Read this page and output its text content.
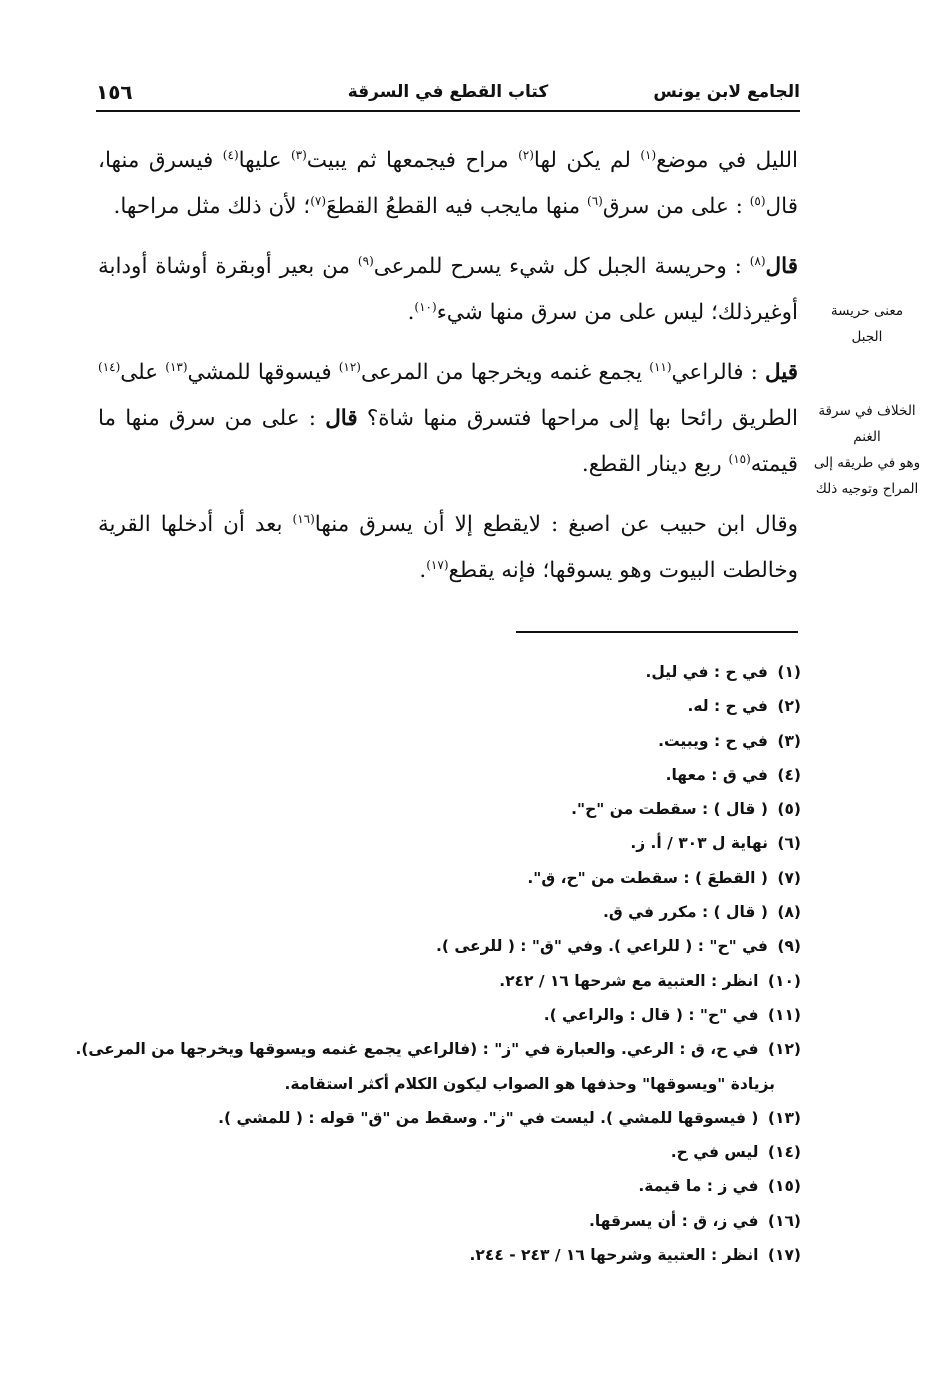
الجامع لابن يونس
كتاب القطع في السرقة
١٥٦
معنى حريسة
الجبل
الخلاف في سرقة الغنم
وهو في طريقه إلى
المراح وتوجيه ذلك

الليل في موضع$^{(١)}$ لم يكن لها$^{(٢)}$ مراح فيجمعها ثم يبيت$^{(٣)}$ عليها$^{(٤)}$ فيسرق منها، قال$^{(٥)}$ : على من سرق$^{(٦)}$ منها مايجب فيه القطعُ القطعَ$^{(٧)}$؛ لأن ذلك مثل مراحها.

قال$^{(٨)}$ : وحريسة الجبل كل شيء يسرح للمرعى$^{(٩)}$ من بعير أوبقرة أوشاة أودابة أوغيرذلك؛ ليس على من سرق منها شيء$^{(١٠)}$.

قيل : فالراعي$^{(١١)}$ يجمع غنمه ويخرجها من المرعى$^{(١٢)}$ فيسوقها للمشي$^{(١٣)}$ على$^{(١٤)}$ الطريق رائحا بها إلى مراحها فتسرق منها شاة؟ قال : على من سرق منها ما قيمته$^{(١٥)}$ ربع دينار القطع.

وقال ابن حبيب عن اصبغ : لايقطع إلا أن يسرق منها$^{(١٦)}$ بعد أن أدخلها القرية وخالطت البيوت وهو يسوقها؛ فإنه يقطع$^{(١٧)}$.

(١) في ح : في ليل.
(٢) في ح : له.
(٣) في ح : ويبيت.
(٤) في ق : معها.
(٥) ( قال ) : سقطت من "ح".
(٦) نهاية ل ٣٠٣ / أ. ز.
(٧) ( القطعَ ) : سقطت من "ح، ق".
(٨) ( قال ) : مكرر في ق.
(٩) في "ح" : ( للراعي ). وفي "ق" : ( للرعى ).
(١٠) انظر : العتبية مع شرحها ١٦ / ٢٤٢.
(١١) في "ح" : ( قال : والراعي ).
(١٢) في ح، ق : الرعي. والعبارة في "ز" : (فالراعي يجمع غنمه ويسوقها ويخرجها من المرعى).
بزيادة "ويسوقها" وحذفها هو الصواب ليكون الكلام أكثر استقامة.
(١٣) ( فيسوقها للمشي ). ليست في "ز". وسقط من "ق" قوله : ( للمشي ).
(١٤) ليس في ح.
(١٥) في ز : ما قيمة.
(١٦) في ز، ق : أن يسرقها.
(١٧) انظر : العتبية وشرحها ١٦ / ٢٤٣ - ٢٤٤.
